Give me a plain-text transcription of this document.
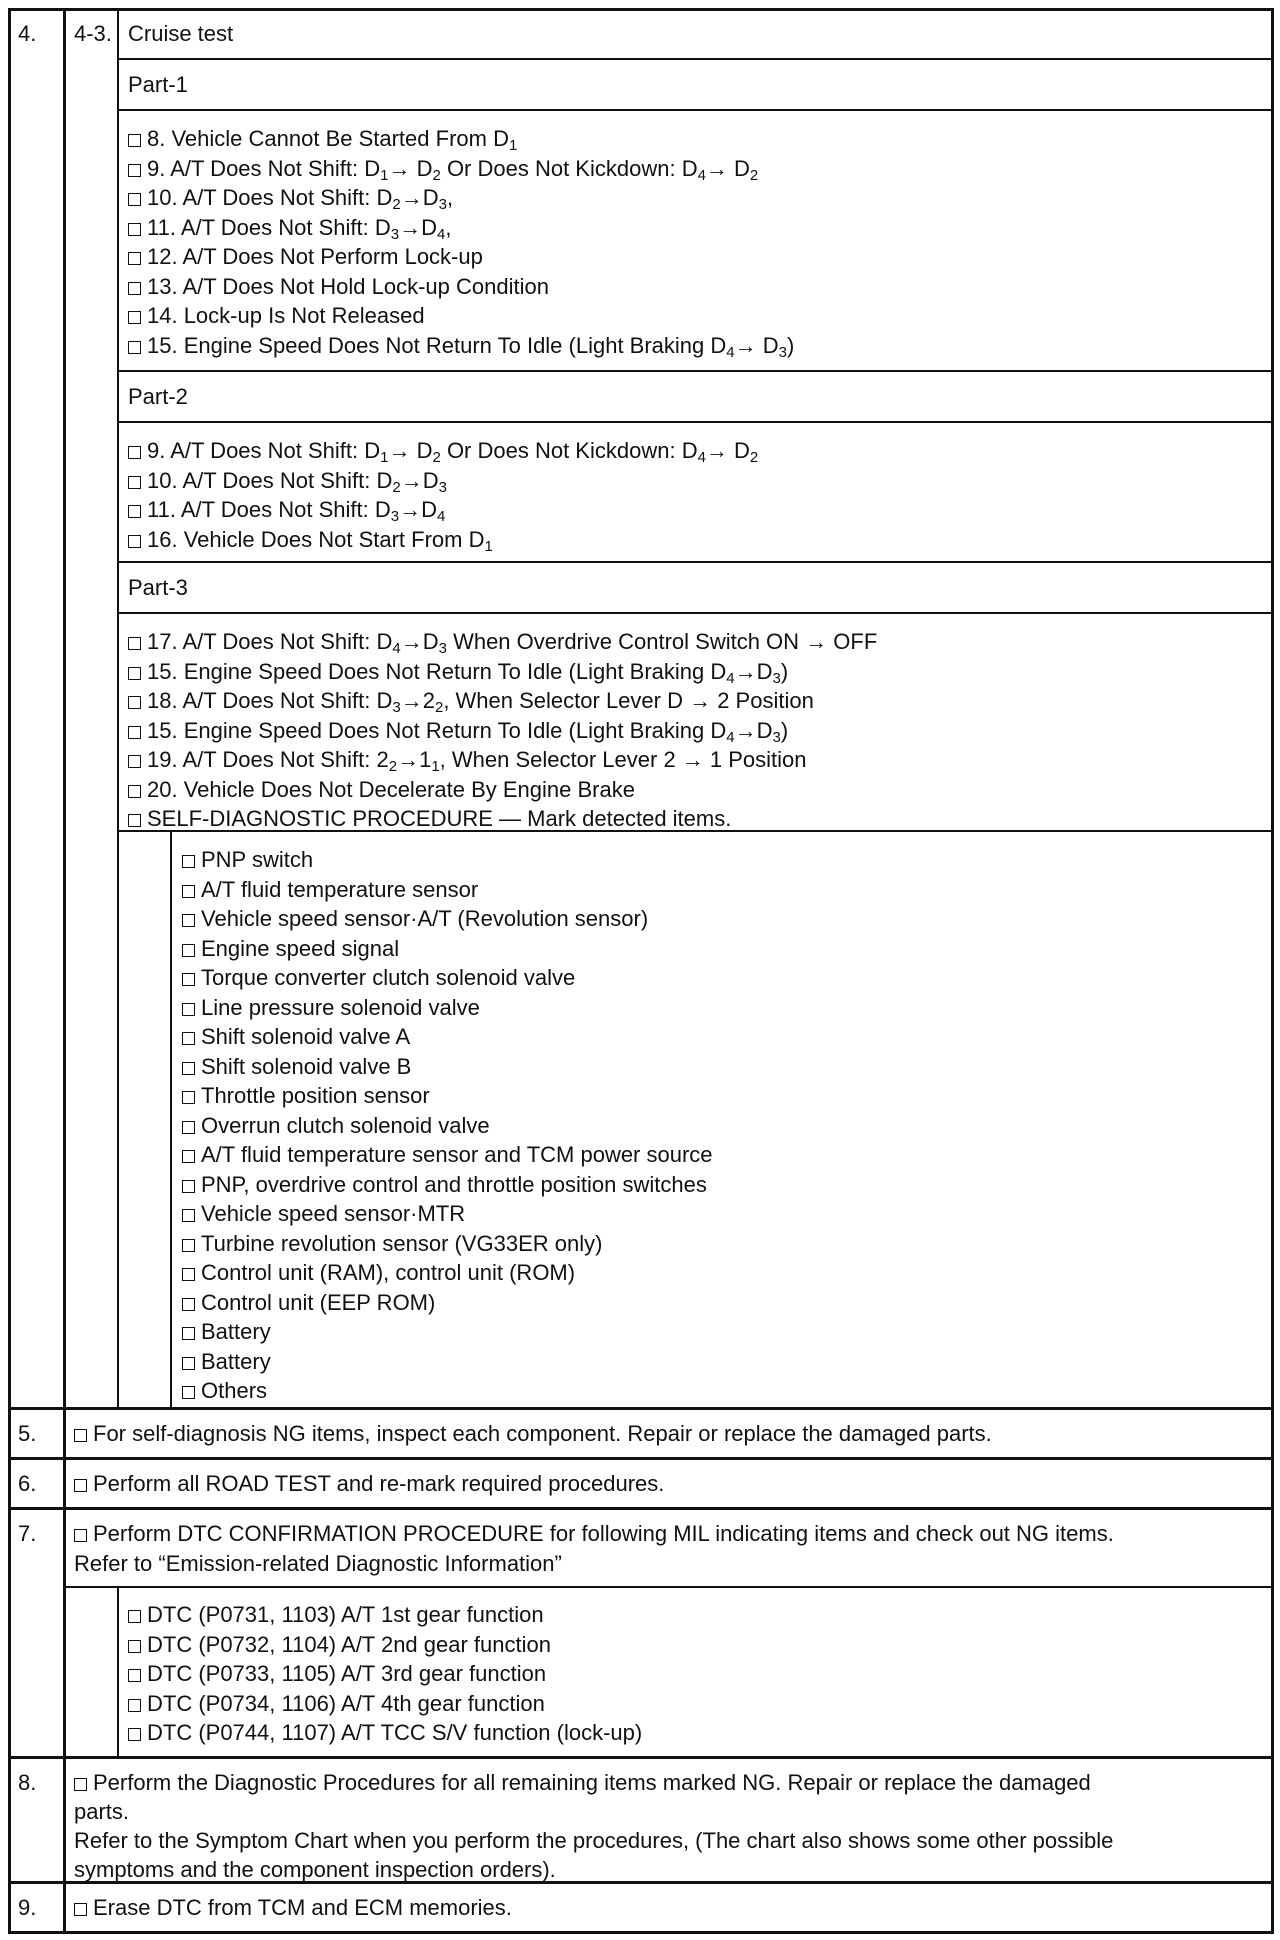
4. 4-3. Cruise test
Part-1
8. Vehicle Cannot Be Started From $D_1$
9. A/T Does Not Shift: $D_1\to D_2$ Or Does Not Kickdown: $D_4\to D_2$
10. A/T Does Not Shift: $D_2\to D_3$,
11. A/T Does Not Shift: $D_3\to D_4$,
12. A/T Does Not Perform Lock-up
13. A/T Does Not Hold Lock-up Condition
14. Lock-up Is Not Released
15. Engine Speed Does Not Return To Idle (Light Braking $D_4\to D_3$)
Part-2
9. A/T Does Not Shift: $D_1\to D_2$ Or Does Not Kickdown: $D_4\to D_2$
10. A/T Does Not Shift: $D_2\to D_3$
11. A/T Does Not Shift: $D_3\to D_4$
16. Vehicle Does Not Start From $D_1$
Part-3
17. A/T Does Not Shift: $D_4\to D_3$ When Overdrive Control Switch ON → OFF
15. Engine Speed Does Not Return To Idle (Light Braking $D_4\to D_3$)
18. A/T Does Not Shift: $D_3\to 2_2$, When Selector Lever D → 2 Position
15. Engine Speed Does Not Return To Idle (Light Braking $D_4\to D_3$)
19. A/T Does Not Shift: $2_2\to 1_1$, When Selector Lever 2 → 1 Position
20. Vehicle Does Not Decelerate By Engine Brake
SELF-DIAGNOSTIC PROCEDURE — Mark detected items.
PNP switch
A/T fluid temperature sensor
Vehicle speed sensor·A/T (Revolution sensor)
Engine speed signal
Torque converter clutch solenoid valve
Line pressure solenoid valve
Shift solenoid valve A
Shift solenoid valve B
Throttle position sensor
Overrun clutch solenoid valve
A/T fluid temperature sensor and TCM power source
PNP, overdrive control and throttle position switches
Vehicle speed sensor·MTR
Turbine revolution sensor (VG33ER only)
Control unit (RAM), control unit (ROM)
Control unit (EEP ROM)
Battery
Battery
Others
5.	For self-diagnosis NG items, inspect each component. Repair or replace the damaged parts.
6.	Perform all ROAD TEST and re-mark required procedures.
7.	Perform DTC CONFIRMATION PROCEDURE for following MIL indicating items and check out NG items.
Refer to “Emission-related Diagnostic Information”
DTC (P0731, 1103) A/T 1st gear function
DTC (P0732, 1104) A/T 2nd gear function
DTC (P0733, 1105) A/T 3rd gear function
DTC (P0734, 1106) A/T 4th gear function
DTC (P0744, 1107) A/T TCC S/V function (lock-up)
8.	Perform the Diagnostic Procedures for all remaining items marked NG. Repair or replace the damaged
parts.
Refer to the Symptom Chart when you perform the procedures, (The chart also shows some other possible
symptoms and the component inspection orders).
9.	Erase DTC from TCM and ECM memories.
